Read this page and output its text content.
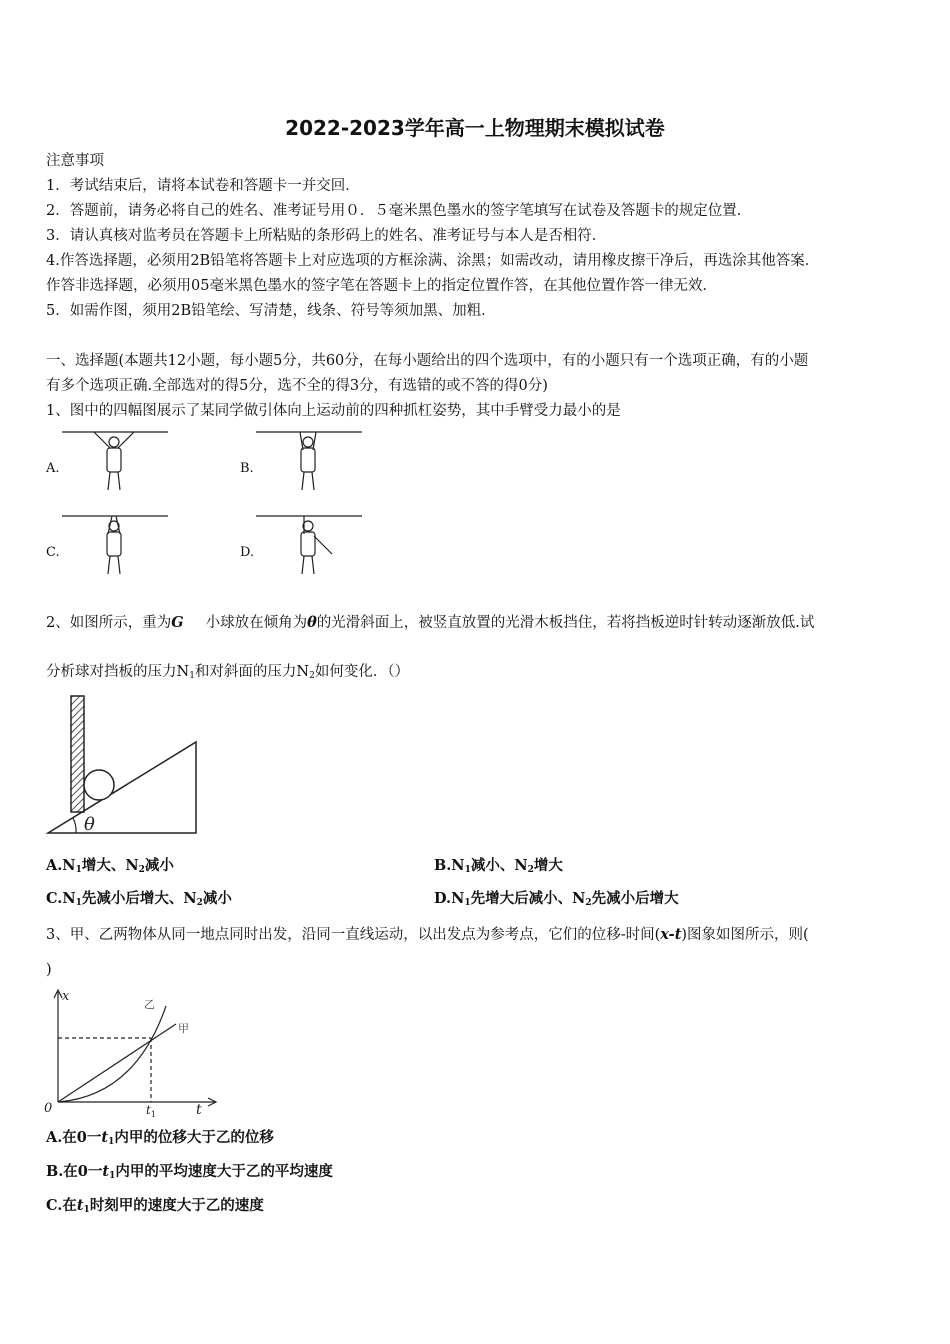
2022-2023学年高一上物理期末模拟试卷
注意事项
1．考试结束后，请将本试卷和答题卡一并交回．
2．答题前，请务必将自己的姓名、准考证号用０．５毫米黑色墨水的签字笔填写在试卷及答题卡的规定位置．
3．请认真核对监考员在答题卡上所粘贴的条形码上的姓名、准考证号与本人是否相符．
4.作答选择题，必须用2B铅笔将答题卡上对应选项的方框涂满、涂黑；如需改动，请用橡皮擦干净后，再选涂其他答案．
作答非选择题，必须用05毫米黑色墨水的签字笔在答题卡上的指定位置作答，在其他位置作答一律无效．
5．如需作图，须用2B铅笔绘、写清楚，线条、符号等须加黑、加粗．
一、选择题(本题共12小题，每小题5分，共60分，在每小题给出的四个选项中，有的小题只有一个选项正确，有的小题
有多个选项正确.全部选对的得5分，选不全的得3分，有选错的或不答的得0分)
1、图中的四幅图展示了某同学做引体向上运动前的四种抓杠姿势，其中手臂受力最小的是
A.	B.
C.	D.
2、如图所示，重为G 小球放在倾角为θ的光滑斜面上，被竖直放置的光滑木板挡住，若将挡板逆时针转动逐渐放低.试
分析球对挡板的压力$N_1$和对斜面的压力$N_2$如何变化．（）
θ
$A.N_1$增大、$N_2$减小	$B.N_1$减小、$N_2$增大
$C.N_1$先减小后增大、$N_2$减小	$D.N_1$先增大后减小、$N_2$先减小后增大
3、甲、乙两物体从同一地点同时出发，沿同一直线运动，以出发点为参考点，它们的位移-时间(x-t)图象如图所示，则(
)
x
t
0	$t_1$
乙
甲
A.在0一$t_1$内甲的位移大于乙的位移
B.在0一$t_1$内甲的平均速度大于乙的平均速度
C.在$t_1$时刻甲的速度大于乙的速度
